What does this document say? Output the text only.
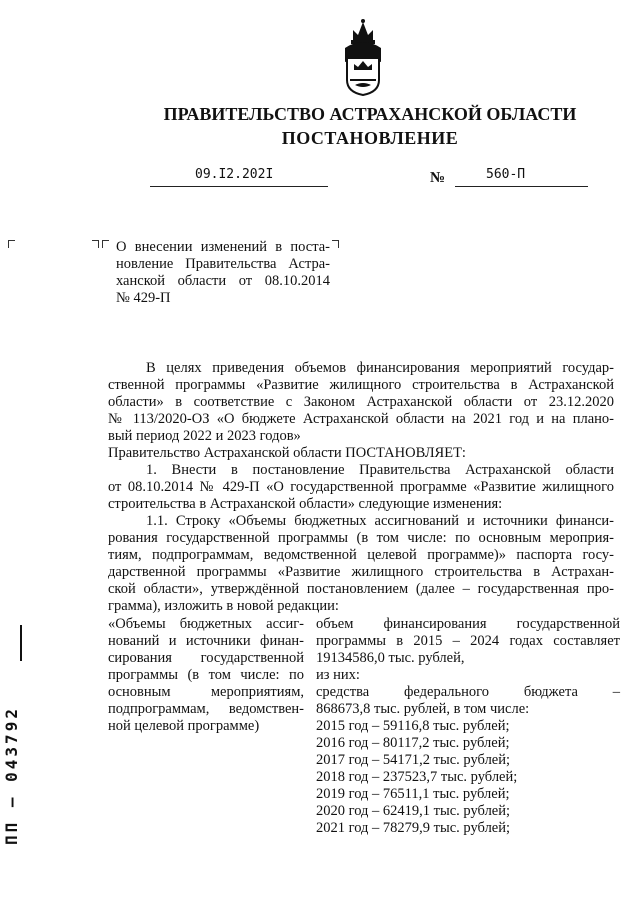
ПРАВИТЕЛЬСТВО АСТРАХАНСКОЙ ОБЛАСТИ
ПОСТАНОВЛЕНИЕ
09.I2.202I	№	560-П
О внесении изменений в поста-
новление Правительства Астра-
ханской области от 08.10.2014
№ 429-П
В целях приведения объемов финансирования мероприятий государ-
ственной программы «Развитие жилищного строительства в Астраханской
области» в соответствие с Законом Астраханской области от 23.12.2020
№ 113/2020-ОЗ «О бюджете Астраханской области на 2021 год и на плано-
вый период 2022 и 2023 годов»
Правительство Астраханской области ПОСТАНОВЛЯЕТ:
1. Внести в постановление Правительства Астраханской области
от 08.10.2014 № 429-П «О государственной программе «Развитие жилищного
строительства в Астраханской области» следующие изменения:
1.1. Строку «Объемы бюджетных ассигнований и источники финанси-
рования государственной программы (в том числе: по основным мероприя-
тиям, подпрограммам, ведомственной целевой программе)» паспорта госу-
дарственной программы «Развитие жилищного строительства в Астрахан-
ской области», утверждённой постановлением (далее – государственная про-
грамма), изложить в новой редакции:
«Объемы бюджетных ассиг-
нований и источники финан-
сирования государственной
программы (в том числе: по
основным мероприятиям,
подпрограммам, ведомствен-
ной целевой программе)
объем финансирования государственной
программы в 2015 – 2024 годах составляет
19134586,0 тыс. рублей,
из них:
средства федерального бюджета –
868673,8 тыс. рублей, в том числе:
2015 год – 59116,8 тыс. рублей;
2016 год – 80117,2 тыс. рублей;
2017 год – 54171,2 тыс. рублей;
2018 год – 237523,7 тыс. рублей;
2019 год – 76511,1 тыс. рублей;
2020 год – 62419,1 тыс. рублей;
2021 год – 78279,9 тыс. рублей;
ПП – 043792
